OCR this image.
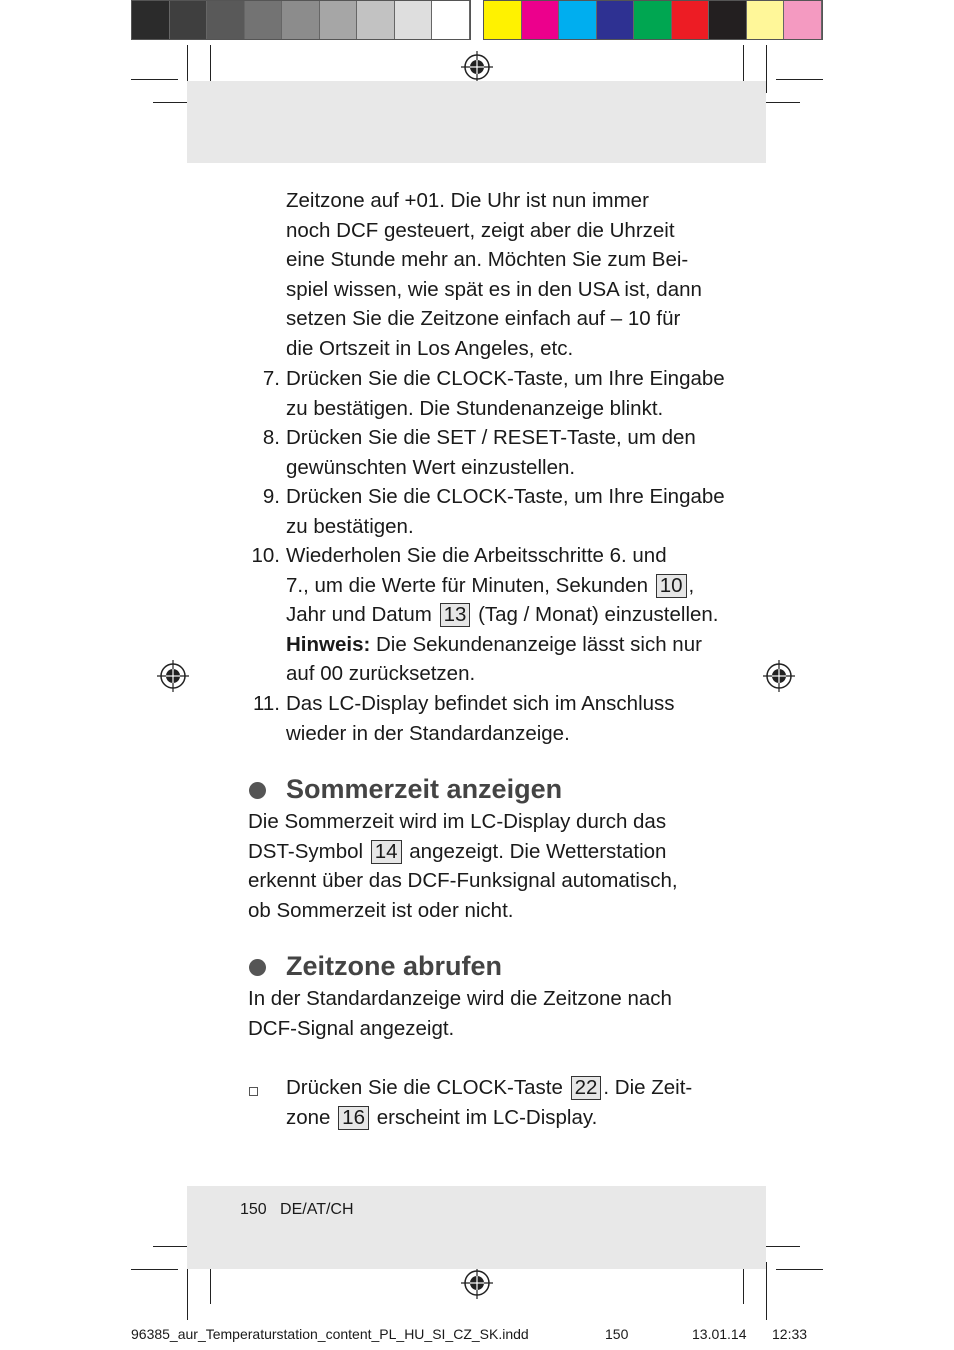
Zeitzone auf +01. Die Uhr ist nun immer
noch DCF gesteuert, zeigt aber die Uhrzeit
eine Stunde mehr an. Möchten Sie zum Bei-
spiel wissen, wie spät es in den USA ist, dann
setzen Sie die Zeitzone einfach auf – 10 für
die Ortszeit in Los Angeles, etc.
7. Drücken Sie die CLOCK-Taste, um Ihre Eingabe
zu bestätigen. Die Stundenanzeige blinkt.
8. Drücken Sie die SET / RESET-Taste, um den
gewünschten Wert einzustellen.
9. Drücken Sie die CLOCK-Taste, um Ihre Eingabe
zu bestätigen.
10. Wiederholen Sie die Arbeitsschritte 6. und
7., um die Werte für Minuten, Sekunden 10 ,
Jahr und Datum 13 (Tag / Monat) einzustellen.
Hinweis: Die Sekundenanzeige lässt sich nur
auf 00 zurücksetzen.
11. Das LC-Display befindet sich im Anschluss
wieder in der Standardanzeige.
Sommerzeit anzeigen
Die Sommerzeit wird im LC-Display durch das
DST-Symbol 14 angezeigt. Die Wetterstation
erkennt über das DCF-Funksignal automatisch,
ob Sommerzeit ist oder nicht.
Zeitzone abrufen
In der Standardanzeige wird die Zeitzone nach
DCF-Signal angezeigt.
Drücken Sie die CLOCK-Taste 22 . Die Zeit-
zone 16 erscheint im LC-Display.
150 DE/AT/CH
96385_aur_Temperaturstation_content_PL_HU_SI_CZ_SK.indd	150	13.01.14 12:33
